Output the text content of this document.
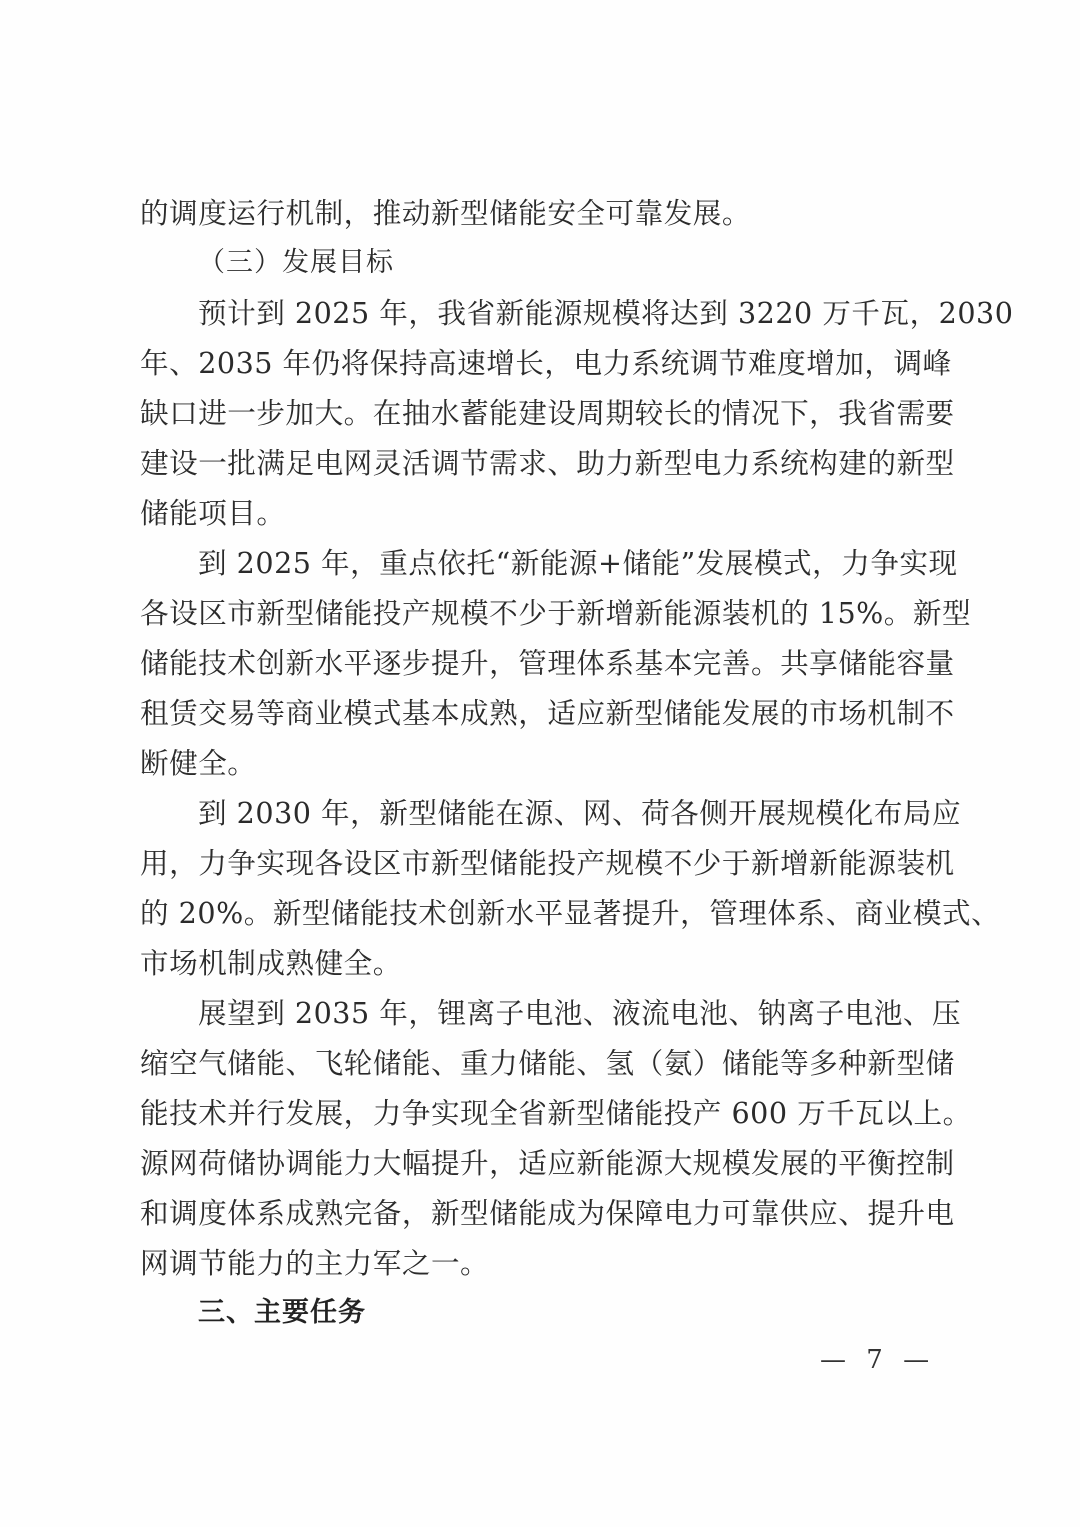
的调度运行机制，推动新型储能安全可靠发展。
（三）发展目标
预计到 2025 年，我省新能源规模将达到 3220 万千瓦，2030
年、2035 年仍将保持高速增长，电力系统调节难度增加，调峰
缺口进一步加大。在抽水蓄能建设周期较长的情况下，我省需要
建设一批满足电网灵活调节需求、助力新型电力系统构建的新型
储能项目。
到 2025 年，重点依托“新能源+储能”发展模式，力争实现
各设区市新型储能投产规模不少于新增新能源装机的 15%。新型
储能技术创新水平逐步提升，管理体系基本完善。共享储能容量
租赁交易等商业模式基本成熟，适应新型储能发展的市场机制不
断健全。
到 2030 年，新型储能在源、网、荷各侧开展规模化布局应
用，力争实现各设区市新型储能投产规模不少于新增新能源装机
的 20%。新型储能技术创新水平显著提升，管理体系、商业模式、
市场机制成熟健全。
展望到 2035 年，锂离子电池、液流电池、钠离子电池、压
缩空气储能、飞轮储能、重力储能、氢（氨）储能等多种新型储
能技术并行发展，力争实现全省新型储能投产 600 万千瓦以上。
源网荷储协调能力大幅提升，适应新能源大规模发展的平衡控制
和调度体系成熟完备，新型储能成为保障电力可靠供应、提升电
网调节能力的主力军之一。
三、主要任务
— 7 —
